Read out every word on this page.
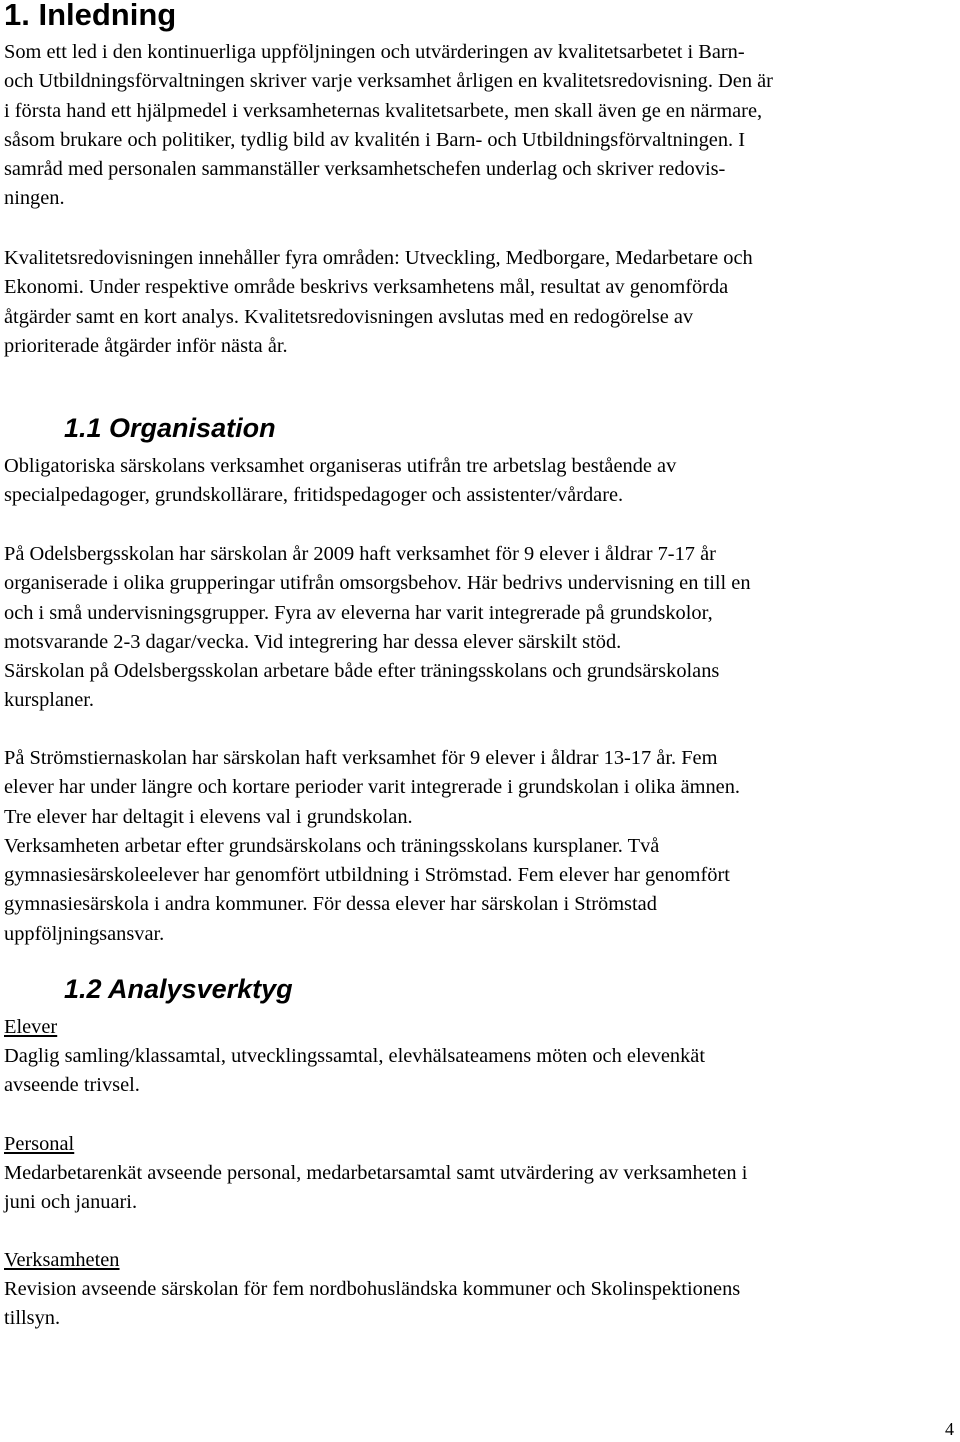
1. Inledning

Som ett led i den kontinuerliga uppföljningen och utvärderingen av kvalitetsarbetet i Barn-
och Utbildningsförvaltningen skriver varje verksamhet årligen en kvalitetsredovisning. Den är
i första hand ett hjälpmedel i verksamheternas kvalitetsarbete, men skall även ge en närmare,
såsom brukare och politiker, tydlig bild av kvalitén i Barn- och Utbildningsförvaltningen. I
samråd med personalen sammanställer verksamhetschefen underlag och skriver redovis-
ningen.

Kvalitetsredovisningen innehåller fyra områden: Utveckling, Medborgare, Medarbetare och
Ekonomi. Under respektive område beskrivs verksamhetens mål, resultat av genomförda
åtgärder samt en kort analys. Kvalitetsredovisningen avslutas med en redogörelse av
prioriterade åtgärder inför nästa år.

1.1 Organisation

Obligatoriska särskolans verksamhet organiseras utifrån tre arbetslag bestående av
specialpedagoger, grundskollärare, fritidspedagoger och assistenter/vårdare.

På Odelsbergsskolan har särskolan år 2009 haft verksamhet för 9 elever i åldrar 7-17 år
organiserade i olika grupperingar utifrån omsorgsbehov. Här bedrivs undervisning en till en
och i små undervisningsgrupper. Fyra av eleverna har varit integrerade på grundskolor,
motsvarande 2-3 dagar/vecka. Vid integrering har dessa elever särskilt stöd.
Särskolan på Odelsbergsskolan arbetare både efter träningsskolans och grundsärskolans
kursplaner.

På Strömstiernaskolan har särskolan haft verksamhet för 9 elever i åldrar 13-17 år. Fem
elever har under längre och kortare perioder varit integrerade i grundskolan i olika ämnen.
Tre elever har deltagit i elevens val i grundskolan.
Verksamheten arbetar efter grundsärskolans och träningsskolans kursplaner. Två
gymnasiesärskoleelever har genomfört utbildning i Strömstad. Fem elever har genomfört
gymnasiesärskola i andra kommuner. För dessa elever har särskolan i Strömstad
uppföljningsansvar.

1.2 Analysverktyg
Elever

Daglig samling/klassamtal, utvecklingssamtal, elevhälsateamens möten och elevenkät
avseende trivsel.

Personal

Medarbetarenkät avseende personal, medarbetarsamtal samt utvärdering av verksamheten i
juni och januari.

Verksamheten

Revision avseende särskolan för fem nordbohusländska kommuner och Skolinspektionens
tillsyn.

4
